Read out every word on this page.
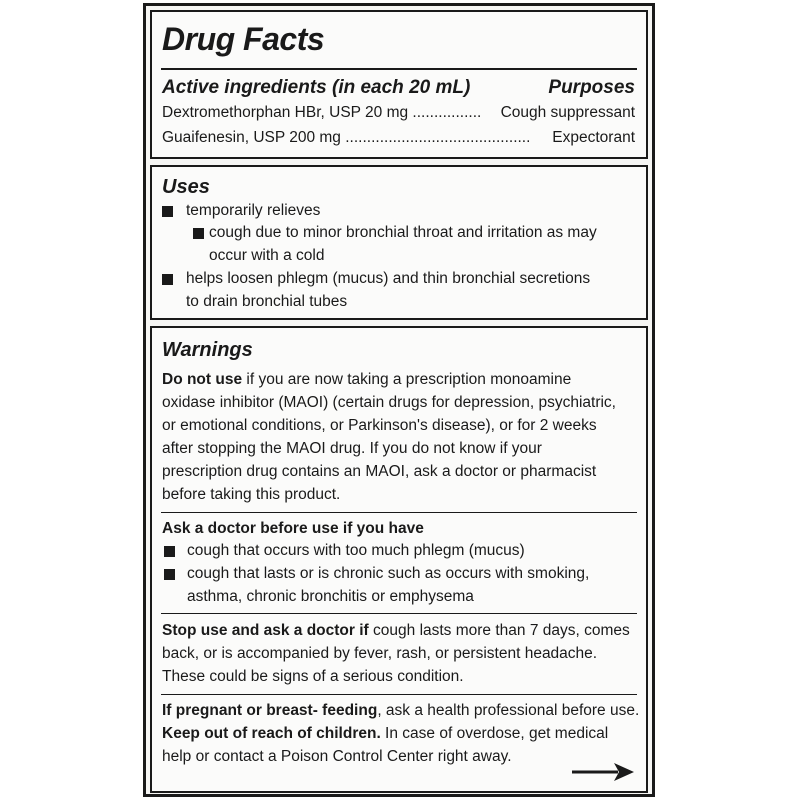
Drug Facts
Active ingredients (in each 20 mL)	Purposes
Dextromethorphan HBr, USP 20 mg ................ Cough suppressant
Guaifenesin, USP 200 mg ........................................... Expectorant
Uses
temporarily relieves
cough due to minor bronchial throat and irritation as may
occur with a cold
helps loosen phlegm (mucus) and thin bronchial secretions
to drain bronchial tubes
Warnings
Do not use if you are now taking a prescription monoamine
oxidase inhibitor (MAOI) (certain drugs for depression, psychiatric,
or emotional conditions, or Parkinson's disease), or for 2 weeks
after stopping the MAOI drug. If you do not know if your
prescription drug contains an MAOI, ask a doctor or pharmacist
before taking this product.
Ask a doctor before use if you have
cough that occurs with too much phlegm (mucus)
cough that lasts or is chronic such as occurs with smoking,
asthma, chronic bronchitis or emphysema
Stop use and ask a doctor if cough lasts more than 7 days, comes
back, or is accompanied by fever, rash, or persistent headache.
These could be signs of a serious condition.
If pregnant or breast- feeding, ask a health professional before use.
Keep out of reach of children. In case of overdose, get medical
help or contact a Poison Control Center right away.
